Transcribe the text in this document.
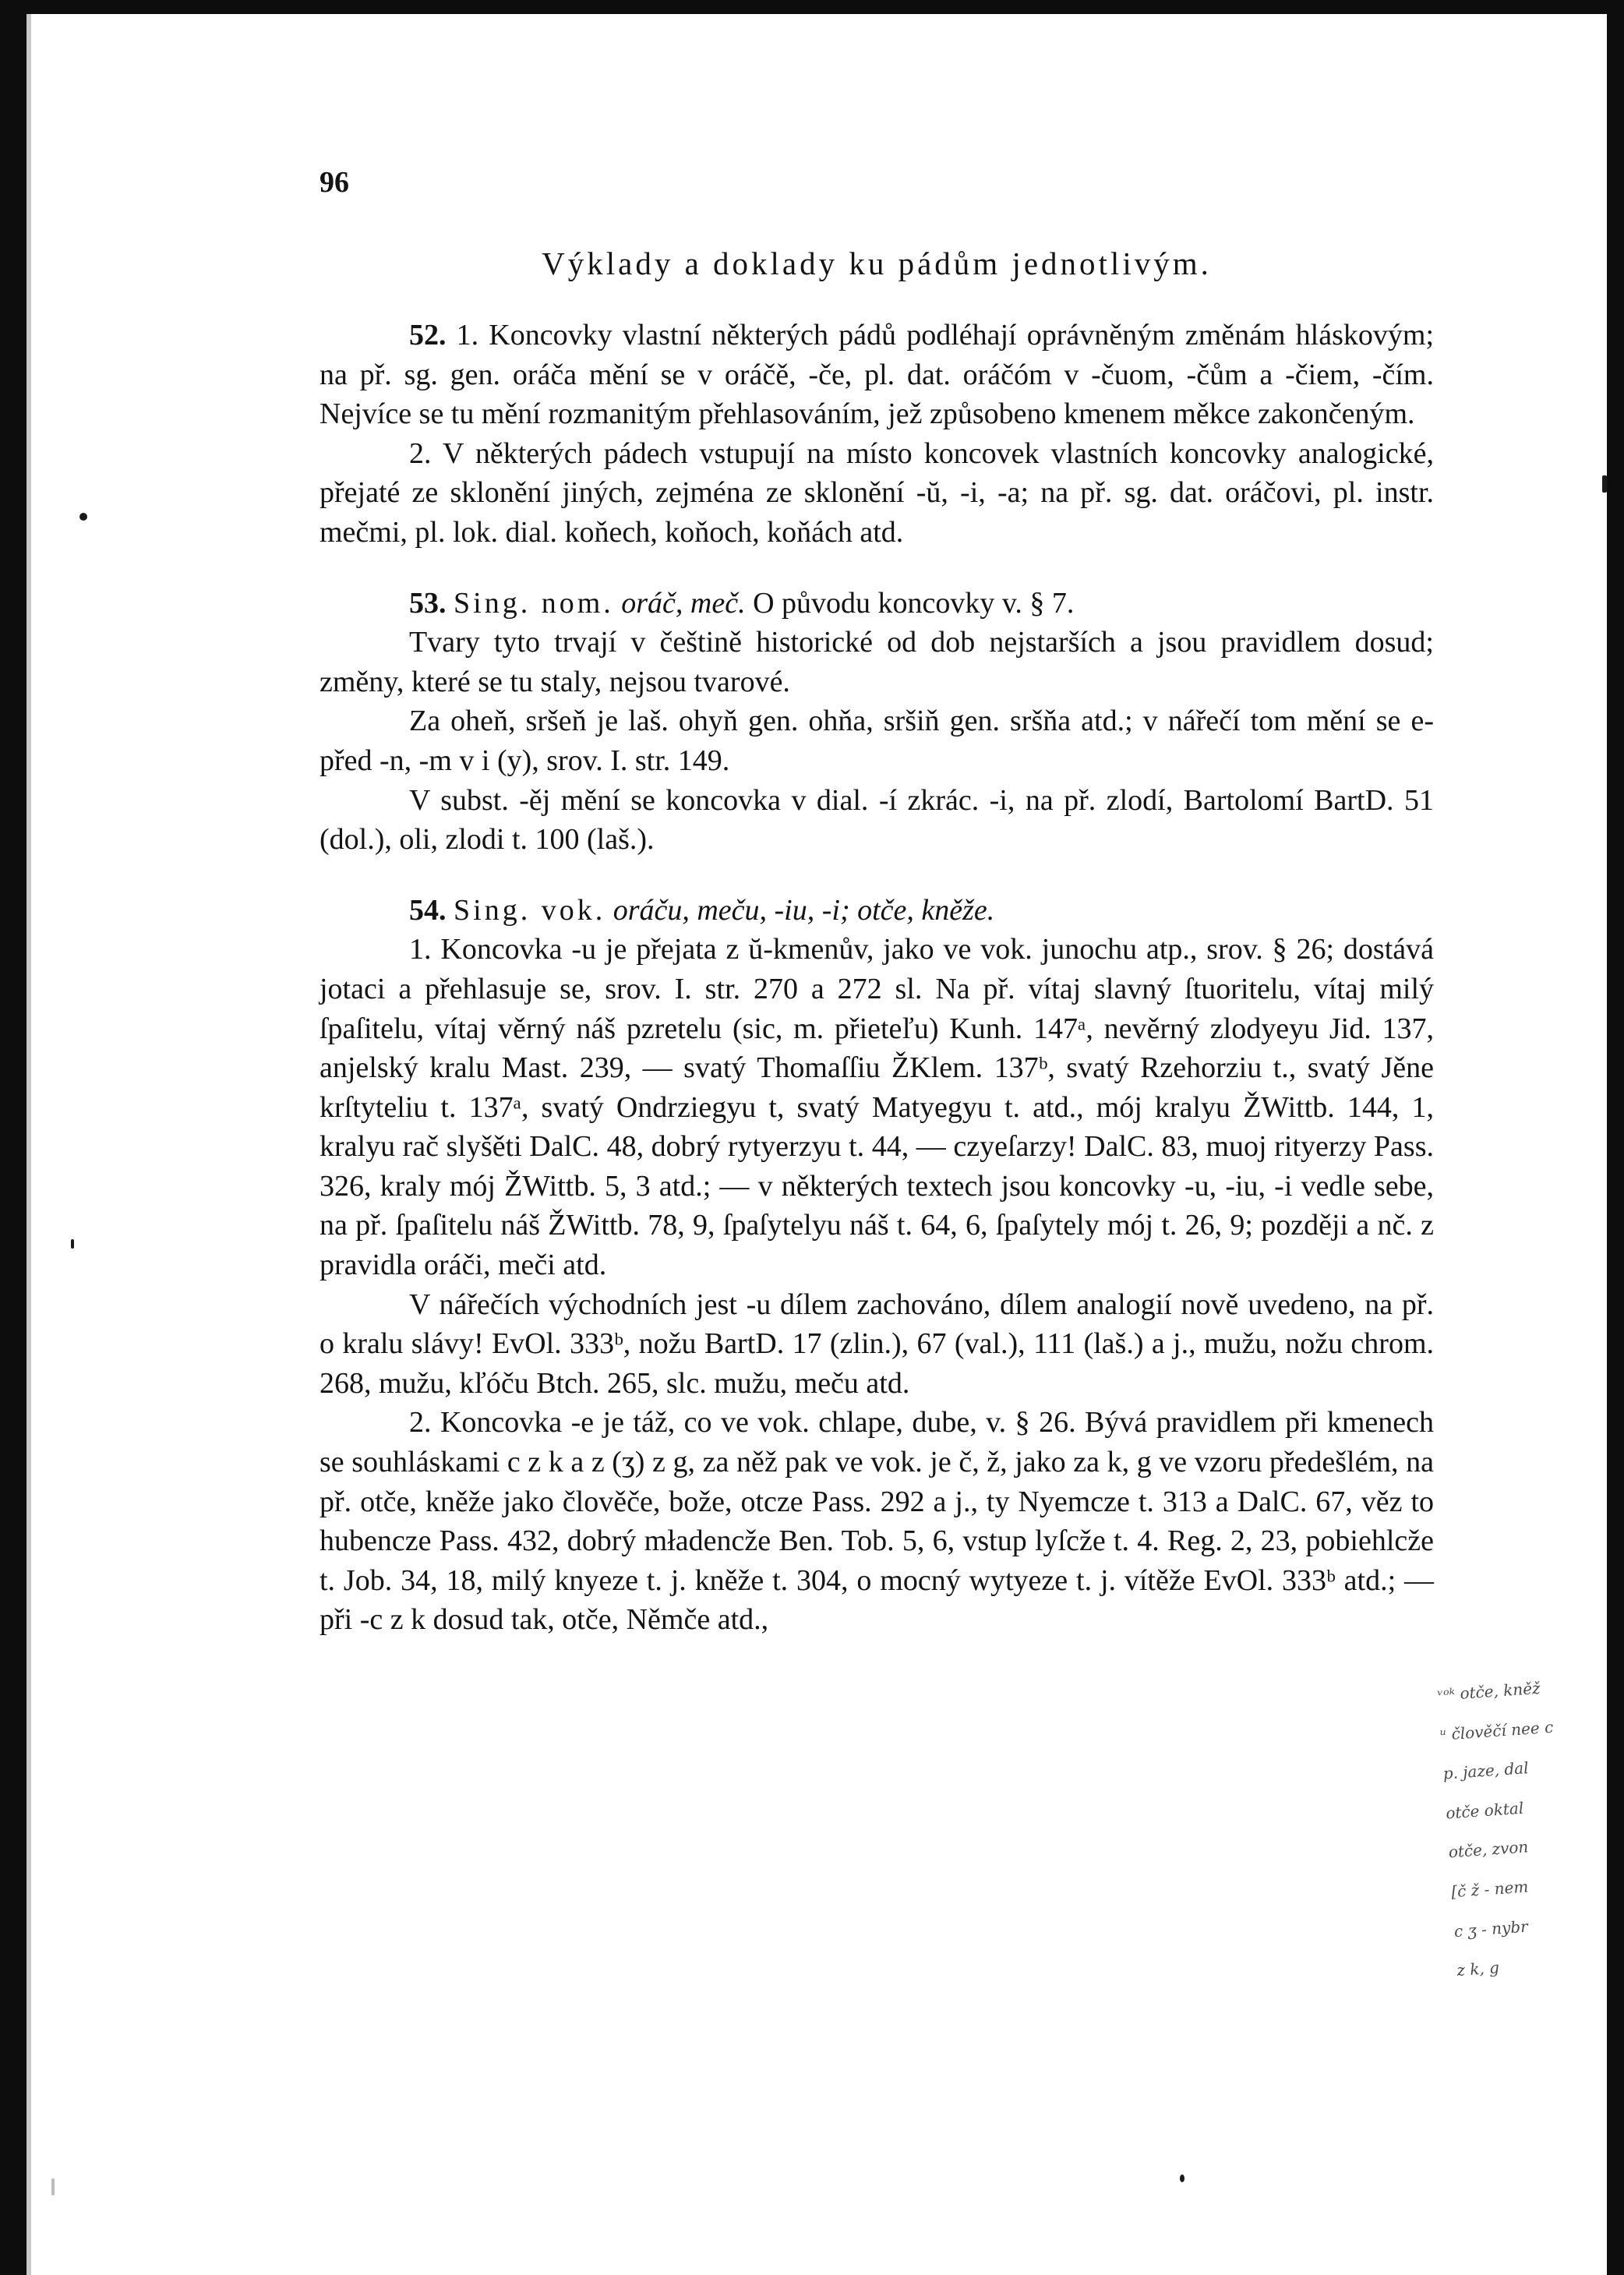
96
Výklady a doklady ku pádům jednotlivým.

52. 1. Koncovky vlastní některých pádů podléhají oprávněným změnám hláskovým; na př. sg. gen. oráča mění se v oráčě, -če, pl. dat. oráčóm v -čuom, -čům a -čiem, -čím. Nejvíce se tu mění rozmanitým přehlasováním, jež způsobeno kmenem měkce zakončeným.

2. V některých pádech vstupují na místo koncovek vlastních koncovky analogické, přejaté ze sklonění jiných, zejména ze sklonění -ŭ, -i, -a; na př. sg. dat. oráčovi, pl. instr. mečmi, pl. lok. dial. koňech, koňoch, koňách atd.

53. Sing. nom. oráč, meč. O původu koncovky v. § 7.

Tvary tyto trvají v češtině historické od dob nejstarších a jsou pravidlem dosud; změny, které se tu staly, nejsou tvarové.

Za oheň, sršeň je laš. ohyň gen. ohňa, sršiň gen. sršňa atd.; v nářečí tom mění se e- před -n, -m v i (y), srov. I. str. 149.

V subst. -ěj mění se koncovka v dial. -í zkrác. -i, na př. zlodí, Bartolomí BartD. 51 (dol.), oli, zlodi t. 100 (laš.).

54. Sing. vok. oráču, meču, -iu, -i; otče, kněže.

1. Koncovka -u je přejata z ŭ-kmenův, jako ve vok. junochu atp., srov. § 26; dostává jotaci a přehlasuje se, srov. I. str. 270 a 272 sl. Na př. vítaj slavný ſtuoritelu, vítaj milý ſpaſitelu, vítaj věrný náš pzretelu (sic, m. přieteľu) Kunh. 147ᵃ, nevěrný zlodyeyu Jid. 137, anjelský kralu Mast. 239, — svatý Thomaſſiu ŽKlem. 137ᵇ, svatý Rzehorziu t., svatý Jěne krſtyteliu t. 137ᵃ, svatý Ondrziegyu t, svatý Matyegyu t. atd., mój kralyu ŽWittb. 144, 1, kralyu rač slyšěti DalC. 48, dobrý rytyerzyu t. 44, — czyeſarzy! DalC. 83, muoj rityerzy Pass. 326, kraly mój ŽWittb. 5, 3 atd.; — v některých textech jsou koncovky -u, -iu, -i vedle sebe, na př. ſpaſitelu náš ŽWittb. 78, 9, ſpaſytelyu náš t. 64, 6, ſpaſytely mój t. 26, 9; později a nč. z pravidla oráči, meči atd.

V nářečích východních jest -u dílem zachováno, dílem analogií nově uvedeno, na př. o kralu slávy! EvOl. 333ᵇ, nožu BartD. 17 (zlin.), 67 (val.), 111 (laš.) a j., mužu, nožu chrom. 268, mužu, kľóču Btch. 265, slc. mužu, meču atd.

2. Koncovka -e je táž, co ve vok. chlape, dube, v. § 26. Bývá pravidlem při kmenech se souhláskami c z k a z (ʒ) z g, za něž pak ve vok. je č, ž, jako za k, g ve vzoru předešlém, na př. otče, kněže jako člověče, bože, otcze Pass. 292 a j., ty Nyemcze t. 313 a DalC. 67, věz to hubencze Pass. 432, dobrý mładencže Ben. Tob. 5, 6, vstup lyſcže t. 4. Reg. 2, 23, pobiehlcže t. Job. 34, 18, milý knyeze t. j. kněže t. 304, o mocný wytyeze t. j. vítěže EvOl. 333ᵇ atd.; — při -c z k dosud tak, otče, Němče atd.,

ᵛᵒᵏ otče, kněž
ᵘ člověčí nee c
p. jaze, dal
otče oktal
otče, zvon
[č ž - nem
c ʒ - nybr
z k, g
